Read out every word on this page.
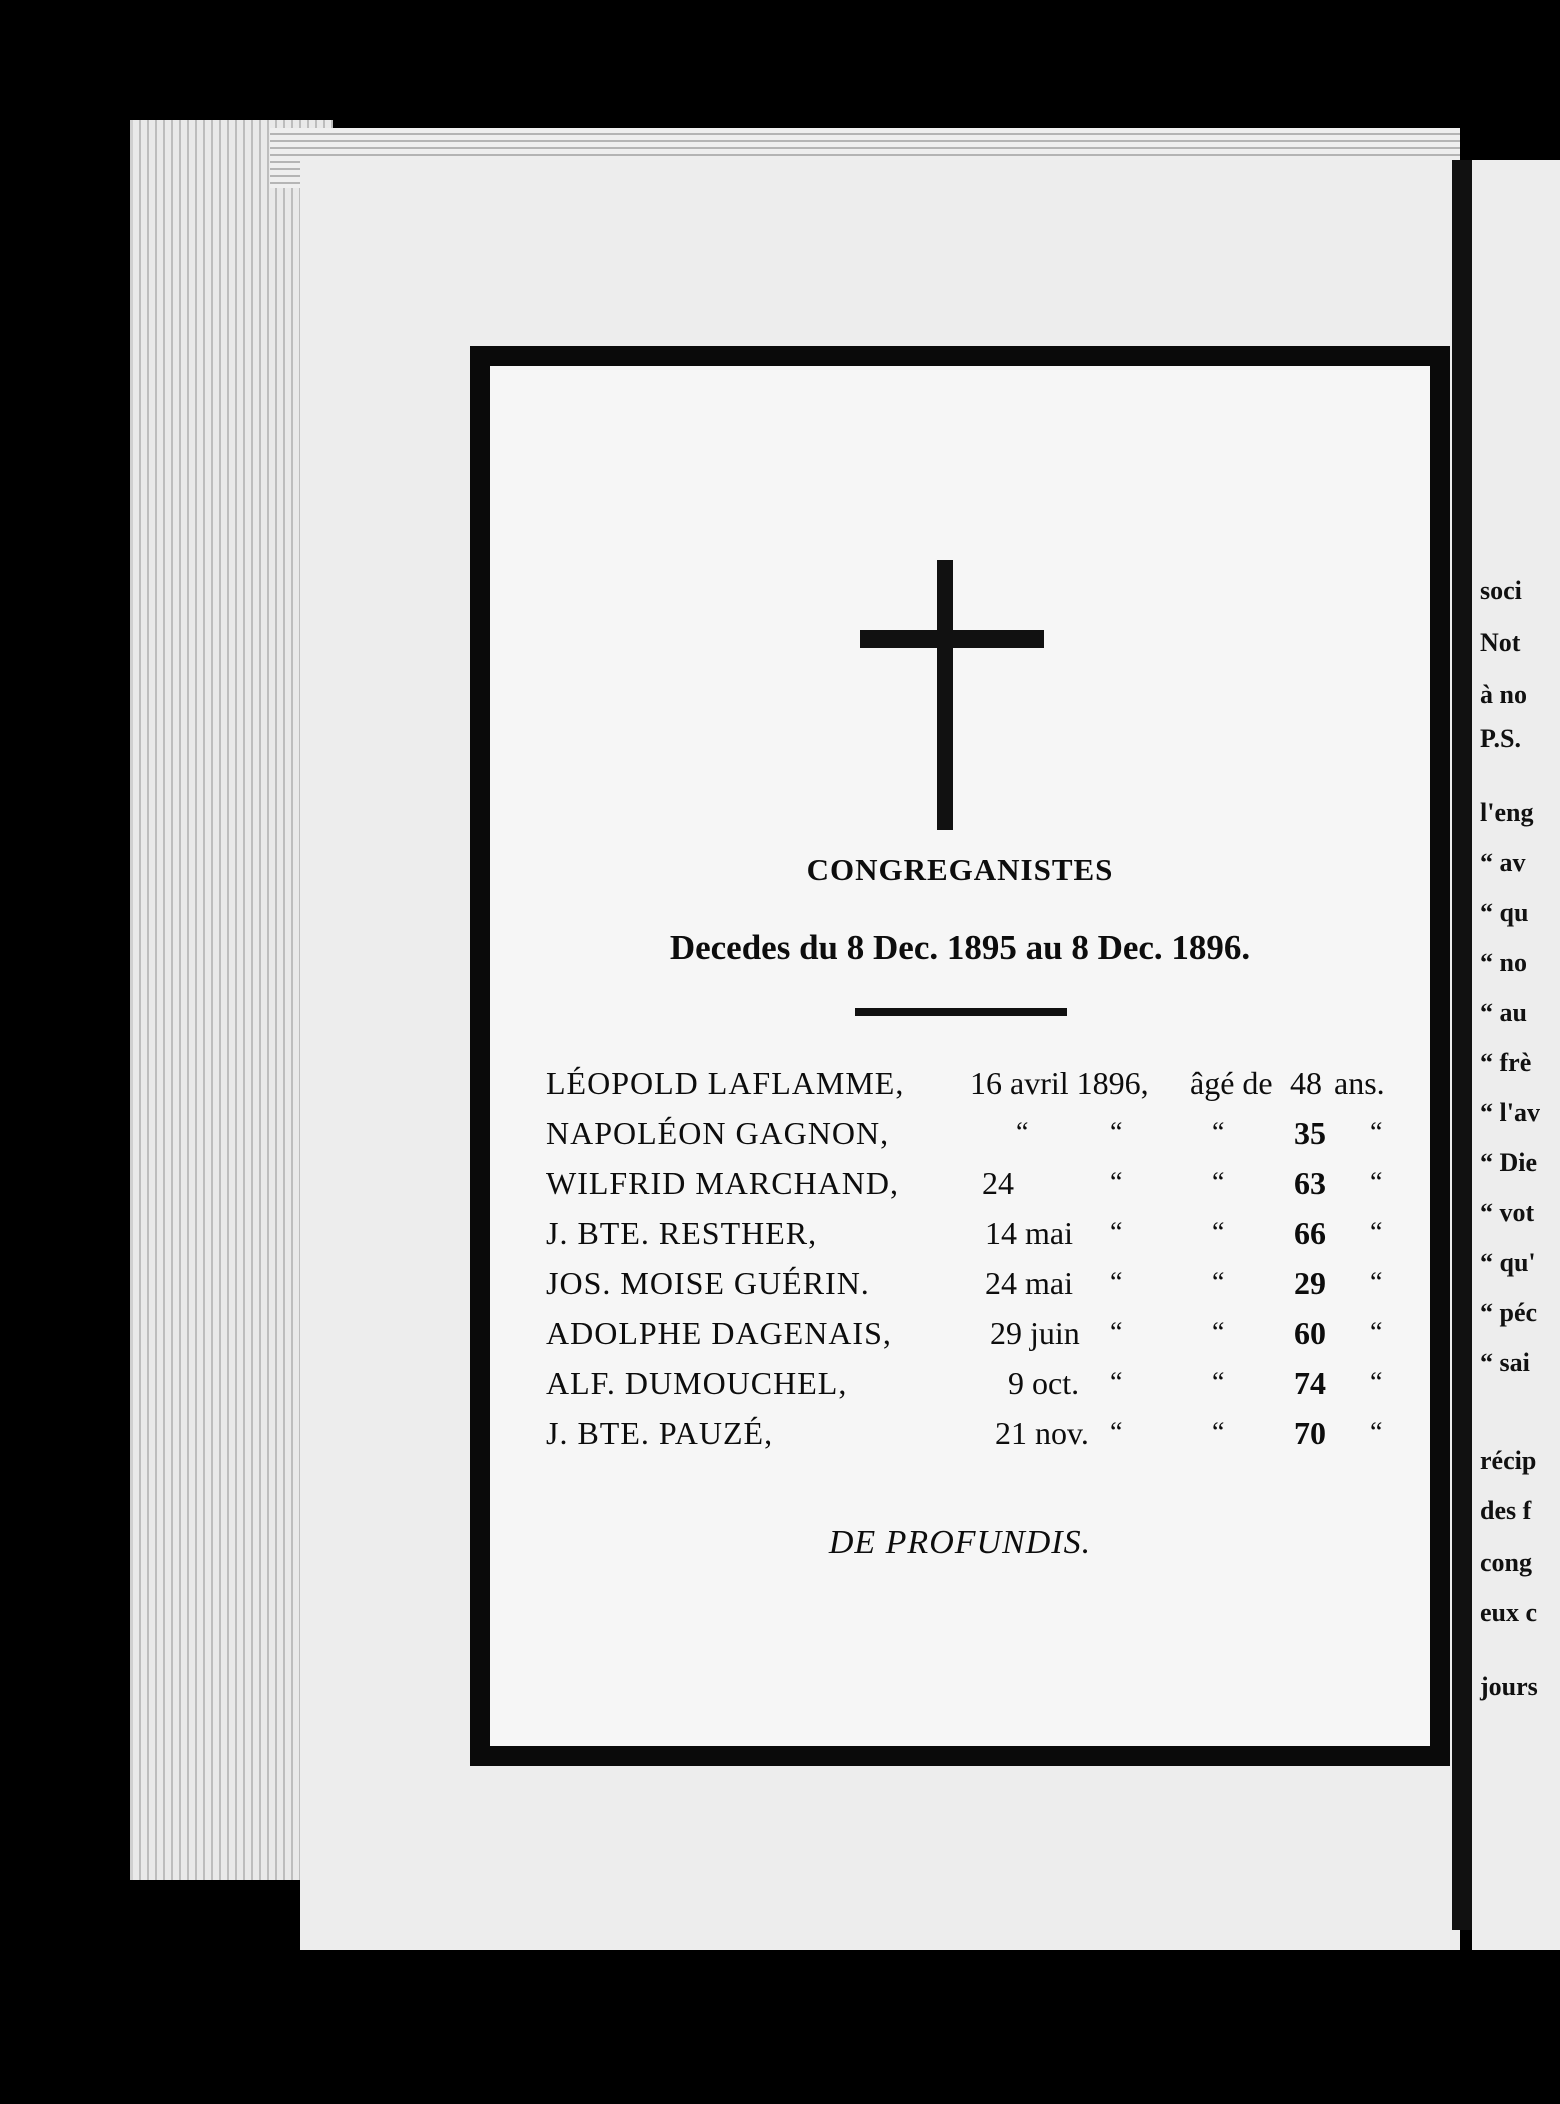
soci
Not
à no
P.S.
l'eng
“ av
“ qu
“ no
“ au
“ frè
“ l'av
“ Die
“ vot
“ qu'
“ péc
“ sai
récip
des f
cong
eux c
jours
CONGREGANISTES
Decedes du 8 Dec. 1895 au 8 Dec. 1896.
LÉOPOLD LAFLAMME, 16 avril 1896, âgé de 48 ans.
NAPOLÉON GAGNON,	“	“	“ 35 “
WILFRID MARCHAND,	24	“	“ 63 “
J. BTE. RESTHER,	14 mai “	“ 66 “
JOS. MOISE GUÉRIN.	24 mai “	“ 29 “
ADOLPHE DAGENAIS,	29 juin “	“ 60 “
ALF. DUMOUCHEL,	9 oct. “	“ 74 “
J. BTE. PAUZÉ,	21 nov. “	“ 70 “
DE PROFUNDIS.
